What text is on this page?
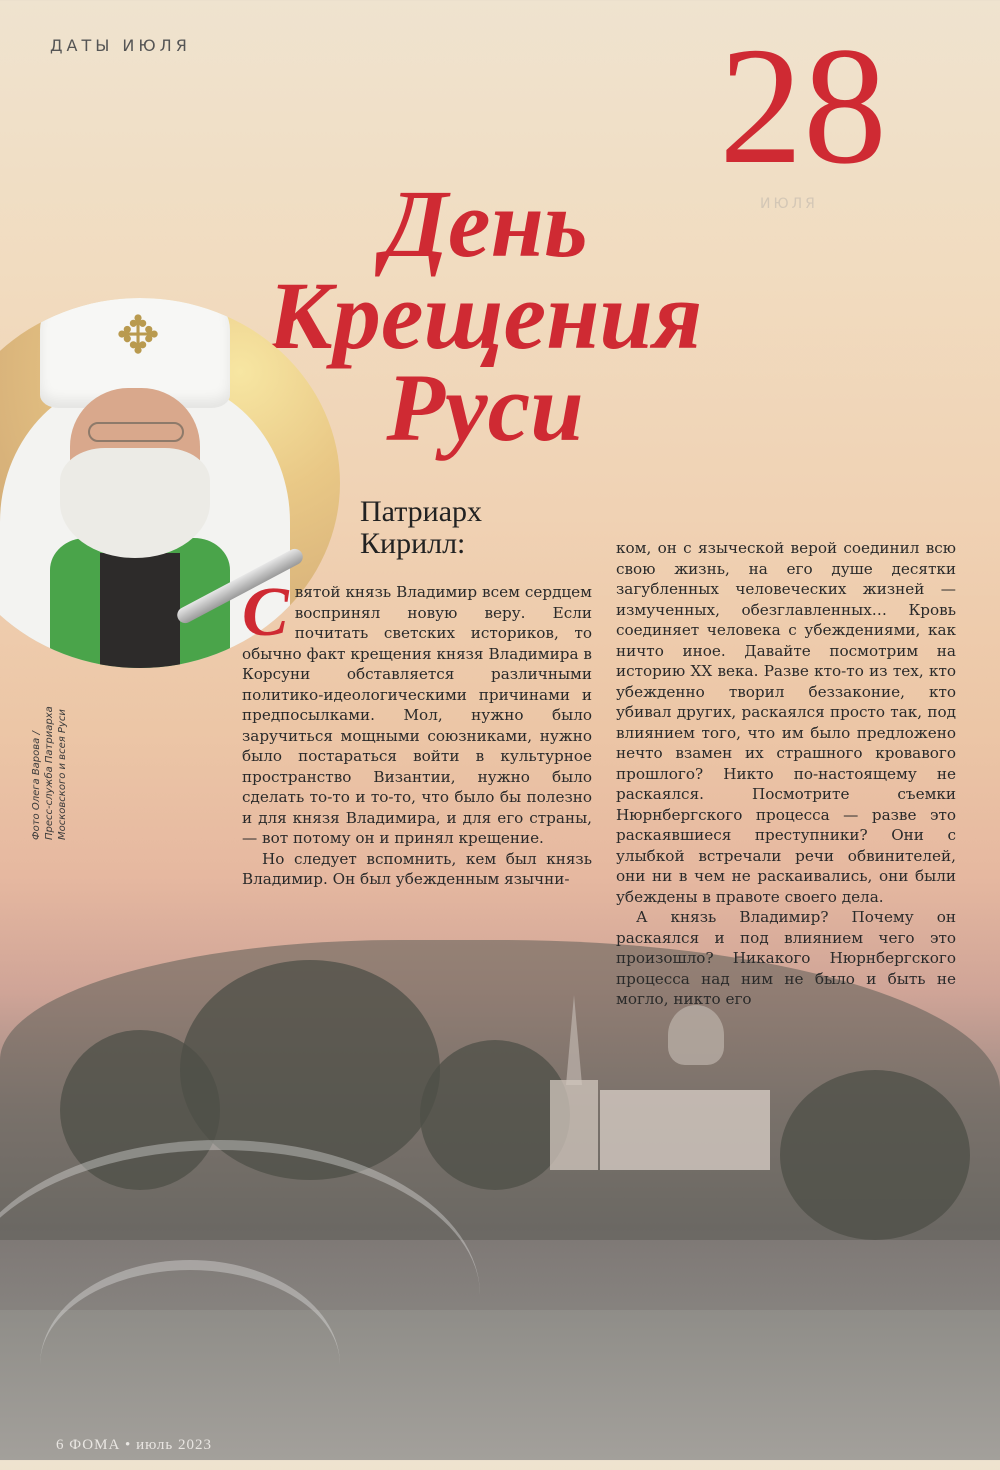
ДАТЫ ИЮЛЯ	28
ИЮЛЯ
День
Крещения
Руси
✥
Фото Олега Варова / Пресс-служба Патриарха Московского и всея Руси
Патриарх
Кирилл:

Святой князь Владимир всем сердцем воспринял новую веру. Если почитать светских историков, то обычно факт крещения князя Владимира в Корсуни обставляется различными политико-идеологическими причинами и предпосылками. Мол, нужно было заручиться мощными союзниками, нужно было постараться войти в культурное пространство Византии, нужно было сделать то-то и то-то, что было бы полезно и для князя Владимира, и для его страны, — вот потому он и принял крещение.

Но следует вспомнить, кем был князь Владимир. Он был убежденным язычни-

ком, он с языческой верой соединил всю свою жизнь, на его душе десятки загубленных человеческих жизней — измученных, обезглавленных… Кровь соединяет человека с убеждениями, как ничто иное. Давайте посмотрим на историю XX века. Разве кто-то из тех, кто убежденно творил беззаконие, кто убивал других, раскаялся просто так, под влиянием того, что им было предложено нечто взамен их страшного кровавого прошлого? Никто по-настоящему не раскаялся. Посмотрите съемки Нюрнбергского процесса — разве это раскаявшиеся преступники? Они с улыбкой встречали речи обвинителей, они ни в чем не раскаивались, они были убеждены в правоте своего дела.

А князь Владимир? Почему он раскаялся и под влиянием чего это произошло? Никакого Нюрнбергского процесса над ним не было и быть не могло, никто его

6 ФОМА • июль 2023
